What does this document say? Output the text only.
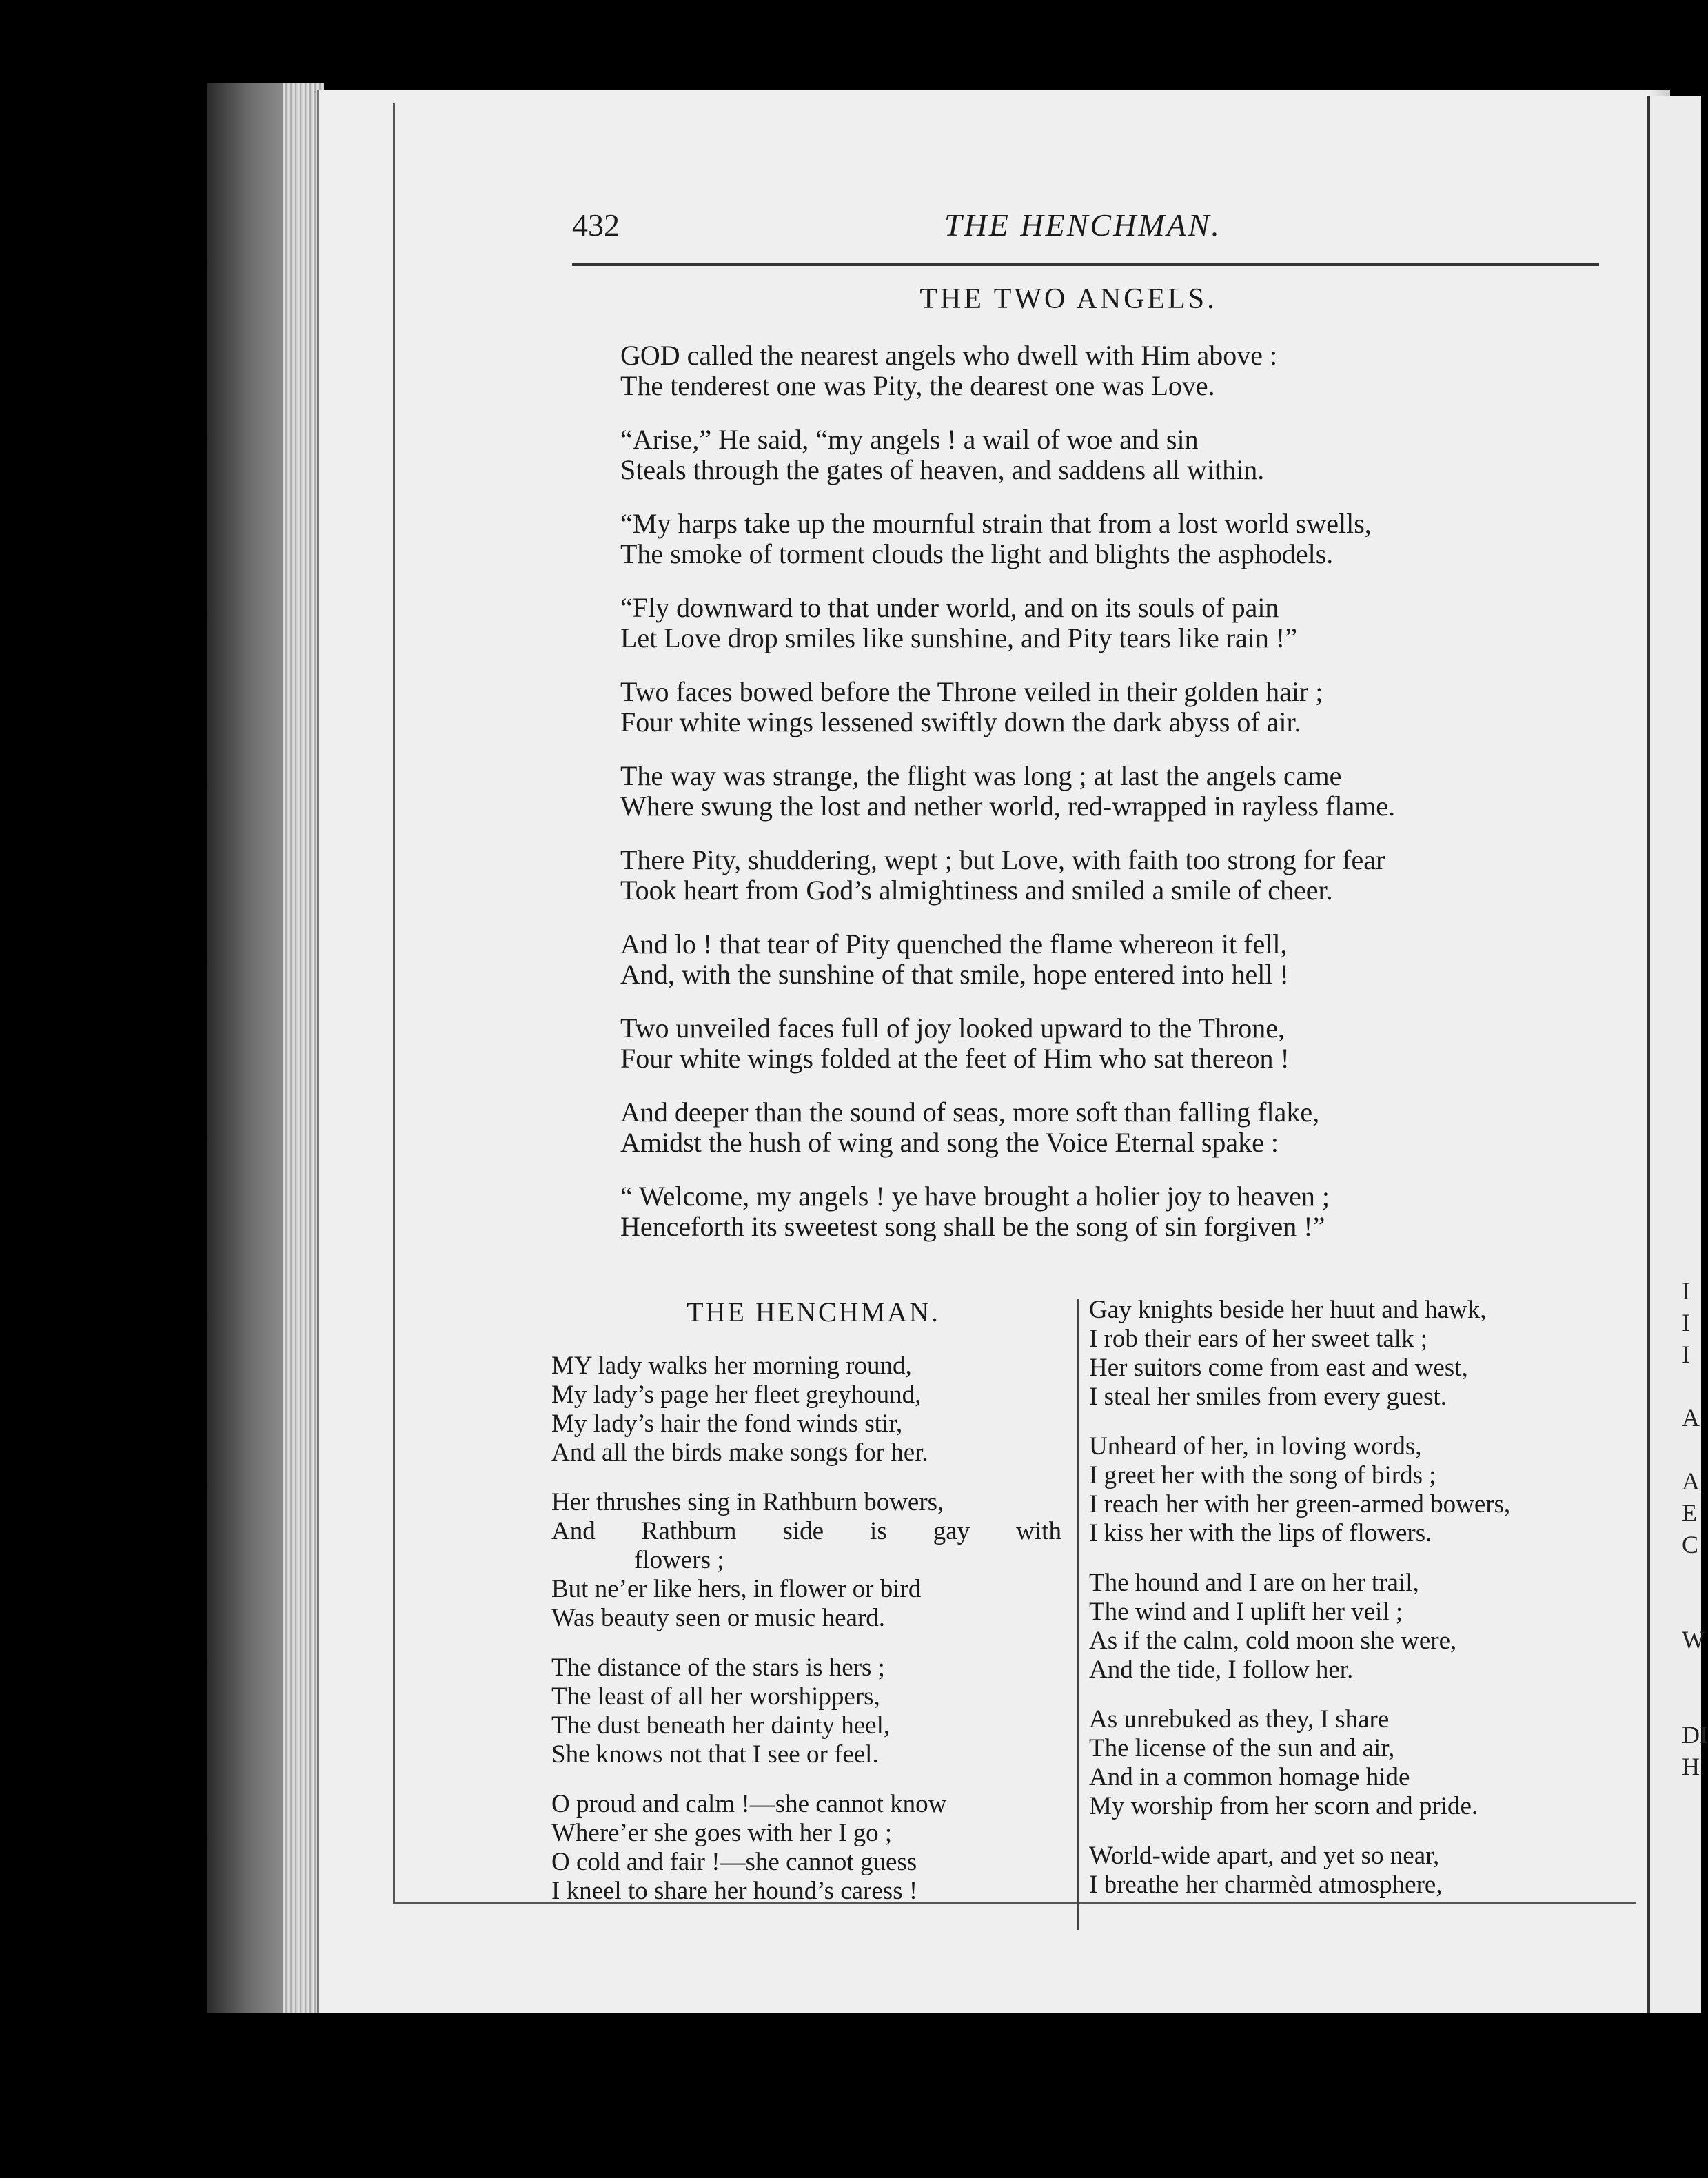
432	THE HENCHMAN.
THE TWO ANGELS.
GOD called the nearest angels who dwell with Him above :
The tenderest one was Pity, the dearest one was Love.
“Arise,” He said, “my angels ! a wail of woe and sin
Steals through the gates of heaven, and saddens all within.
“My harps take up the mournful strain that from a lost world swells,
The smoke of torment clouds the light and blights the asphodels.
“Fly downward to that under world, and on its souls of pain
Let Love drop smiles like sunshine, and Pity tears like rain !”
Two faces bowed before the Throne veiled in their golden hair ;
Four white wings lessened swiftly down the dark abyss of air.
The way was strange, the flight was long ; at last the angels came
Where swung the lost and nether world, red-wrapped in rayless flame.
There Pity, shuddering, wept ; but Love, with faith too strong for fear
Took heart from God’s almightiness and smiled a smile of cheer.
And lo ! that tear of Pity quenched the flame whereon it fell,
And, with the sunshine of that smile, hope entered into hell !
Two unveiled faces full of joy looked upward to the Throne,
Four white wings folded at the feet of Him who sat thereon !
And deeper than the sound of seas, more soft than falling flake,
Amidst the hush of wing and song the Voice Eternal spake :
“ Welcome, my angels ! ye have brought a holier joy to heaven ;
Henceforth its sweetest song shall be the song of sin forgiven !”
THE HENCHMAN.
MY lady walks her morning round,
My lady’s page her fleet greyhound,
My lady’s hair the fond winds stir,
And all the birds make songs for her.
Her thrushes sing in Rathburn bowers,
And Rathburn side is gay with
flowers ;
But ne’er like hers, in flower or bird
Was beauty seen or music heard.
The distance of the stars is hers ;
The least of all her worshippers,
The dust beneath her dainty heel,
She knows not that I see or feel.
O proud and calm !—she cannot know
Where’er she goes with her I go ;
O cold and fair !—she cannot guess
I kneel to share her hound’s caress !
Gay knights beside her huut and hawk,
I rob their ears of her sweet talk ;
Her suitors come from east and west,
I steal her smiles from every guest.
Unheard of her, in loving words,
I greet her with the song of birds ;
I reach her with her green-armed bowers,
I kiss her with the lips of flowers.
The hound and I are on her trail,
The wind and I uplift her veil ;
As if the calm, cold moon she were,
And the tide, I follow her.
As unrebuked as they, I share
The license of the sun and air,
And in a common homage hide
My worship from her scorn and pride.
World-wide apart, and yet so near,
I breathe her charmèd atmosphere,
I
I
I

A

A
E
C

W

DI
H
